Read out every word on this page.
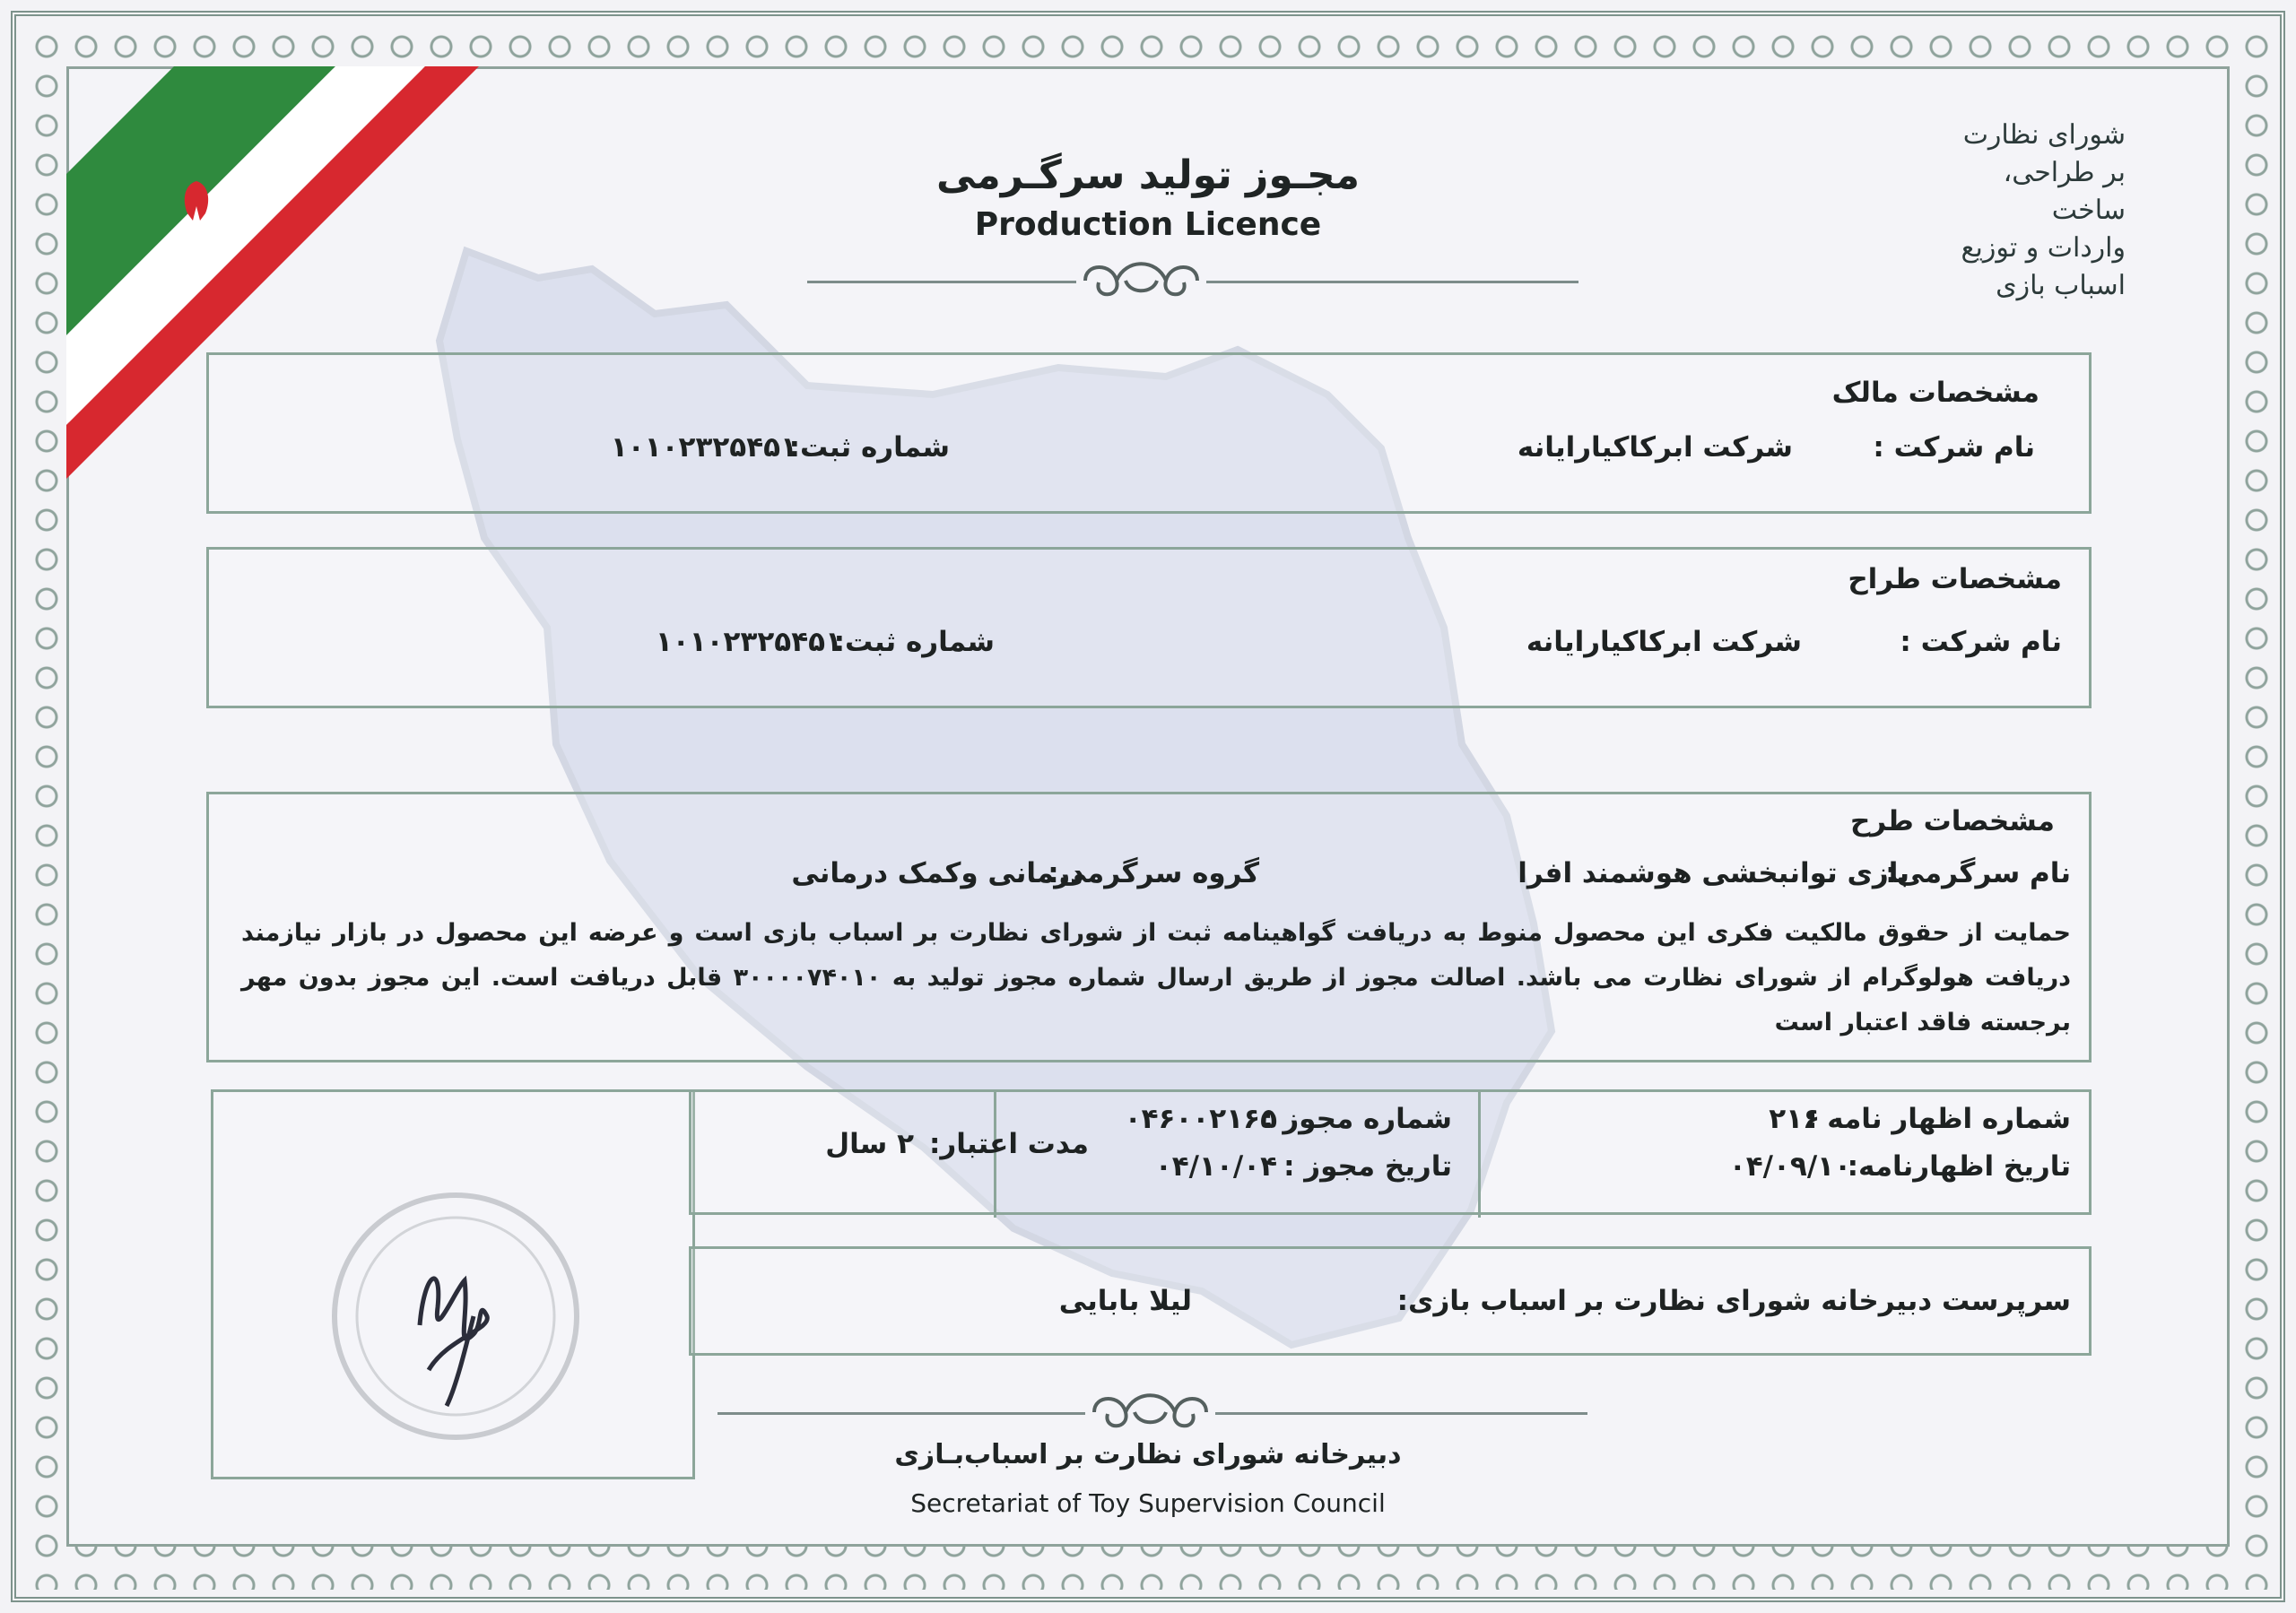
شورای نظارت
بر طراحی، ساخت
واردات و توزیع
اسباب بازی
مجـوز تولید سرگـرمی
Production Licence
مشخصات مالک
نام شرکت :
شرکت ابرکاکیارایانه
شماره ثبت:
۱۰۱۰۲۳۲۵۴۵۱
مشخصات طراح
نام شرکت :
شرکت ابرکاکیارایانه
شماره ثبت:
۱۰۱۰۲۳۲۵۴۵۱
مشخصات طرح
نام سرگرمی:
بازی توانبخشی هوشمند افرا
گروه سرگرمی:
درمانی وکمک درمانی
حمایت از حقوق مالکیت فکری این محصول منوط به دریافت گواهینامه ثبت از شورای نظارت بر اسباب بازی است و عرضه این محصول در بازار نیازمند دریافت هولوگرام از شورای نظارت می باشد. اصالت مجوز از طریق ارسال شماره مجوز تولید به ۳۰۰۰۰۷۴۰۱۰ قابل دریافت است. این مجوز بدون مهر برجسته فاقد اعتبار است
شماره اظهار نامه :
۲۱۶
تاریخ اظهارنامه:
۰۴/۰۹/۱۰
شماره مجوز :
۰۴۶۰۰۲۱۶۵
تاریخ مجوز :
۰۴/۱۰/۰۴
مدت اعتبار:
۲ سال
سرپرست دبیرخانه شورای نظارت بر اسباب بازی:
لیلا بابایی
دبیرخانه شورای نظارت بر اسباب‌بـازی
Secretariat of Toy Supervision Council
